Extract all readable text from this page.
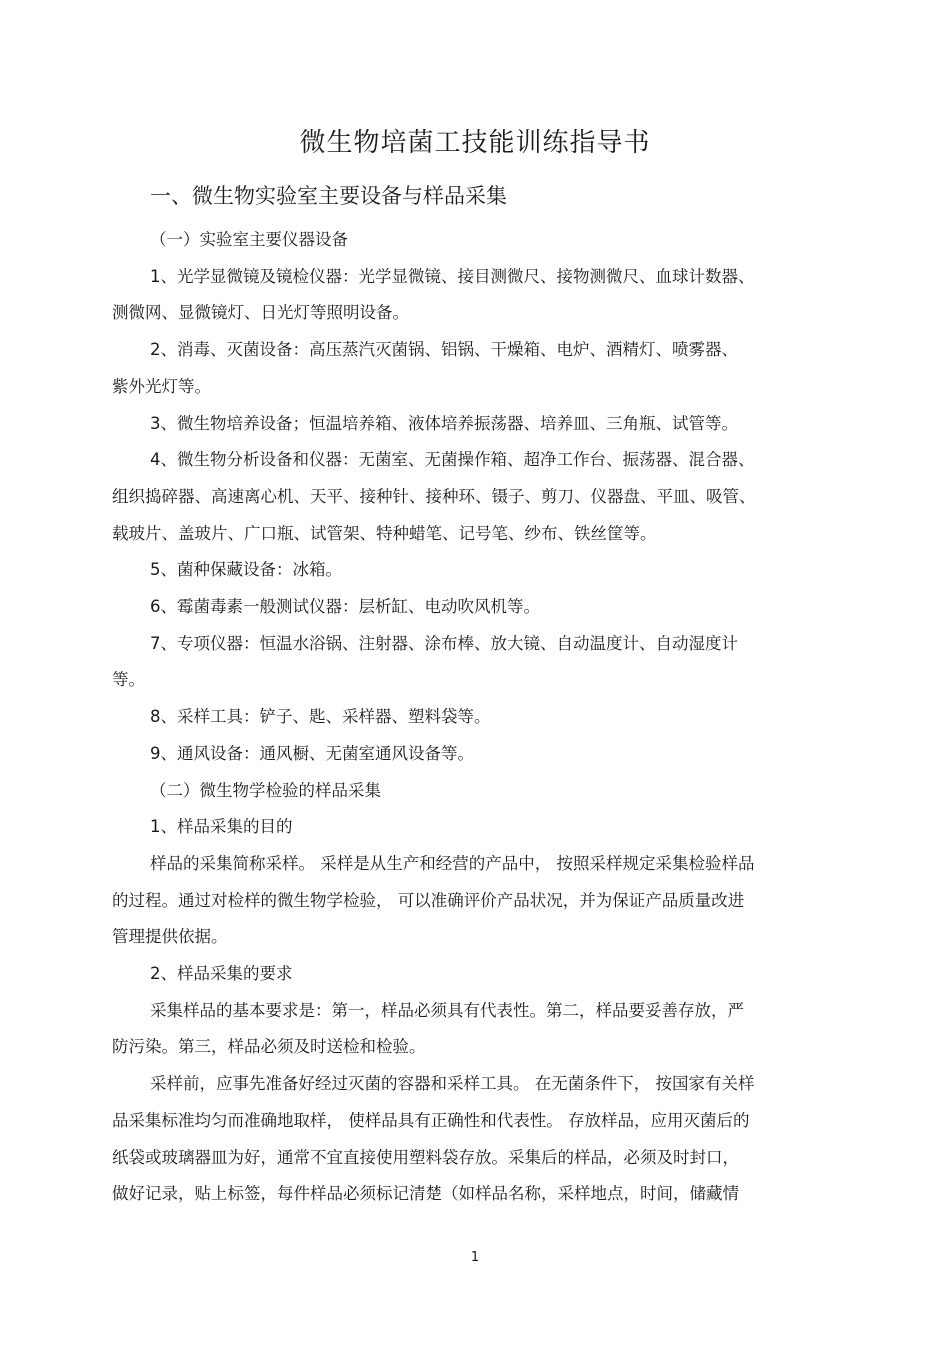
微生物培菌工技能训练指导书
一、微生物实验室主要设备与样品采集

（一）实验室主要仪器设备

1、光学显微镜及镜检仪器：光学显微镜、接目测微尺、接物测微尺、血球计数器、

测微网、显微镜灯、日光灯等照明设备。

2、消毒、灭菌设备：高压蒸汽灭菌锅、铝锅、干燥箱、电炉、酒精灯、喷雾器、

紫外光灯等。

3、微生物培养设备；恒温培养箱、液体培养振荡器、培养皿、三角瓶、试管等。

4、微生物分析设备和仪器：无菌室、无菌操作箱、超净工作台、振荡器、混合器、

组织捣碎器、高速离心机、天平、接种针、接种环、镊子、剪刀、仪器盘、平皿、吸管、

载玻片、盖玻片、广口瓶、试管架、特种蜡笔、记号笔、纱布、铁丝筐等。

5、菌种保藏设备：冰箱。

6、霉菌毒素一般测试仪器：层析缸、电动吹风机等。

7、专项仪器：恒温水浴锅、注射器、涂布棒、放大镜、自动温度计、自动湿度计

等。

8、采样工具：铲子、匙、采样器、塑料袋等。

9、通风设备：通风橱、无菌室通风设备等。

（二）微生物学检验的样品采集

1、样品采集的目的

样品的采集简称采样。 采样是从生产和经营的产品中， 按照采样规定采集检验样品

的过程。通过对检样的微生物学检验， 可以准确评价产品状况，并为保证产品质量改进

管理提供依据。

2、样品采集的要求

采集样品的基本要求是：第一，样品必须具有代表性。第二，样品要妥善存放，严

防污染。第三，样品必须及时送检和检验。

采样前，应事先准备好经过灭菌的容器和采样工具。 在无菌条件下， 按国家有关样

品采集标准均匀而准确地取样， 使样品具有正确性和代表性。 存放样品，应用灭菌后的

纸袋或玻璃器皿为好，通常不宜直接使用塑料袋存放。采集后的样品，必须及时封口，

做好记录，贴上标签，每件样品必须标记清楚（如样品名称，采样地点，时间，储藏情

1
